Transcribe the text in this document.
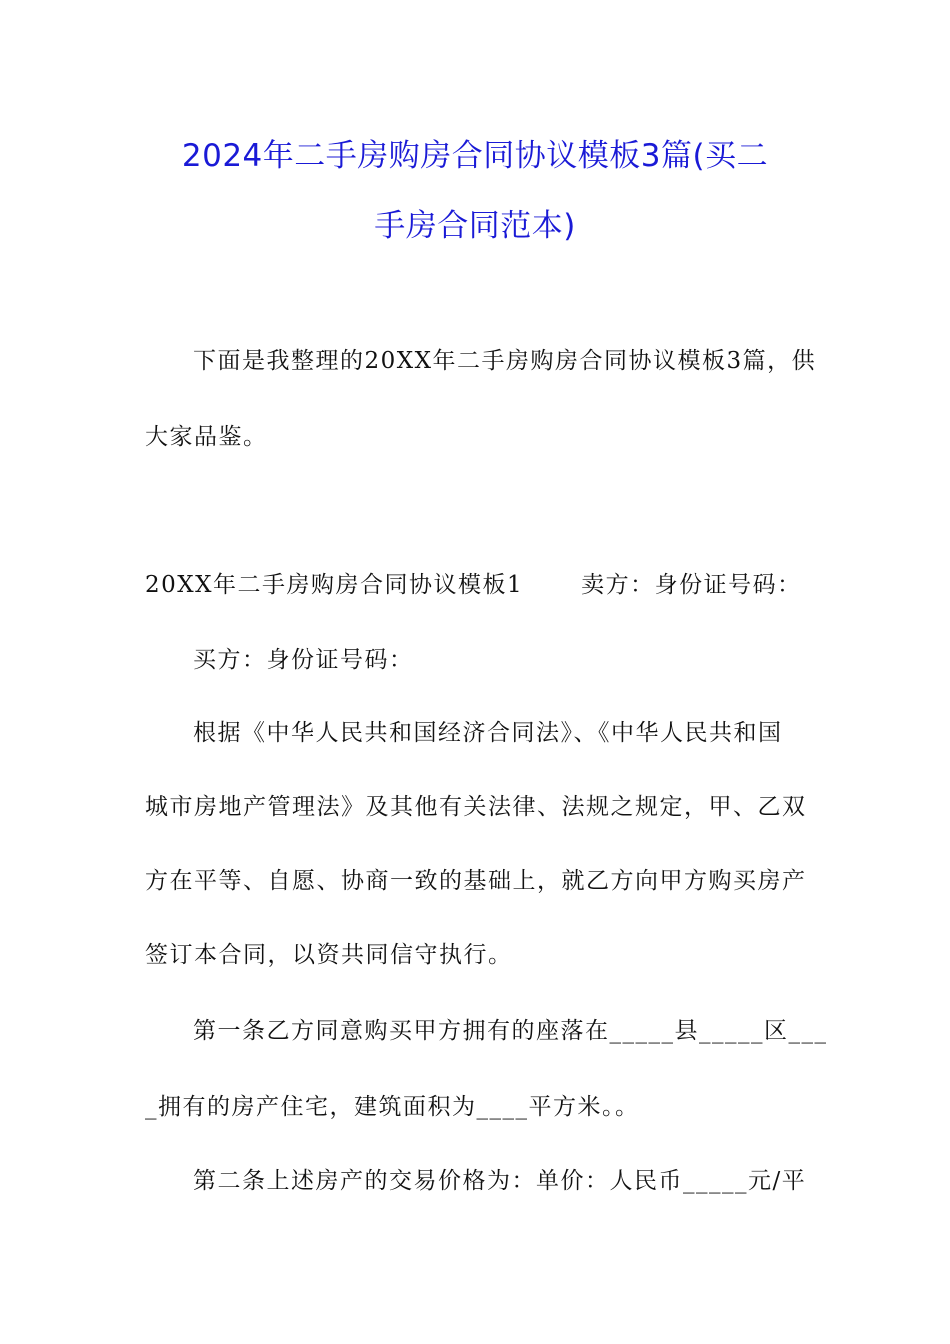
2024年二手房购房合同协议模板3篇(买二
手房合同范本)
下面是我整理的20XX年二手房购房合同协议模板3篇，供
大家品鉴。
20XX年二手房购房合同协议模板1	卖方：身份证号码：
买方：身份证号码：
根据《中华人民共和国经济合同法》、《中华人民共和国
城市房地产管理法》及其他有关法律、法规之规定，甲、乙双
方在平等、自愿、协商一致的基础上，就乙方向甲方购买房产
签订本合同，以资共同信守执行。
第一条乙方同意购买甲方拥有的座落在_____县_____区___
_拥有的房产住宅，建筑面积为____平方米。。
第二条上述房产的交易价格为：单价：人民币_____元/平
